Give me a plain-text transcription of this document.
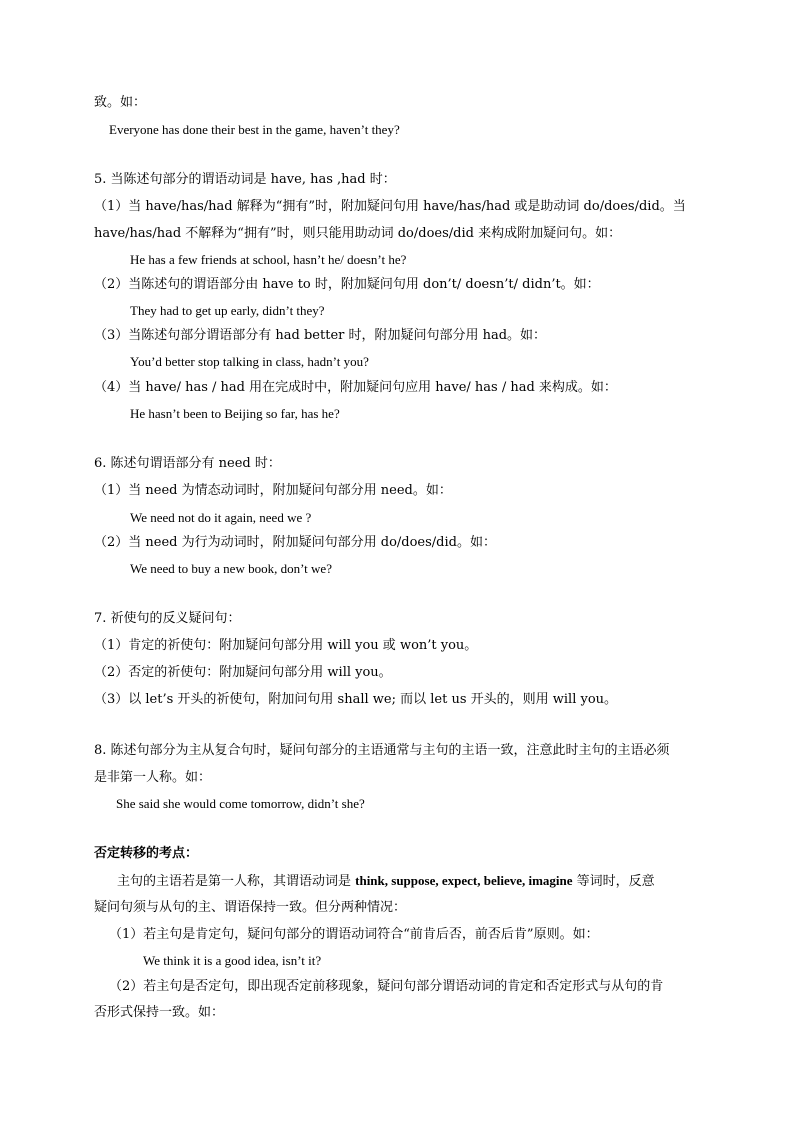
致。如：
Everyone has done their best in the game, haven’t they?
5. 当陈述句部分的谓语动词是 have, has ,had 时：
（1）当 have/has/had 解释为“拥有”时，附加疑问句用 have/has/had 或是助动词 do/does/did。当
have/has/had 不解释为“拥有”时，则只能用助动词 do/does/did 来构成附加疑问句。如：
He has a few friends at school, hasn’t he/ doesn’t he?
（2）当陈述句的谓语部分由 have to 时，附加疑问句用 don’t/ doesn’t/ didn’t。如：
They had to get up early, didn’t they?
（3）当陈述句部分谓语部分有 had better 时，附加疑问句部分用 had。如：
You’d better stop talking in class, hadn’t you?
（4）当 have/ has / had 用在完成时中，附加疑问句应用 have/ has / had 来构成。如：
He hasn’t been to Beijing so far, has he?
6. 陈述句谓语部分有 need 时：
（1）当 need 为情态动词时，附加疑问句部分用 need。如：
We need not do it again, need we ?
（2）当 need 为行为动词时，附加疑问句部分用 do/does/did。如：
We need to buy a new book, don’t we?
7. 祈使句的反义疑问句：
（1）肯定的祈使句：附加疑问句部分用 will you 或 won’t you。
（2）否定的祈使句：附加疑问句部分用 will you。
（3）以 let’s 开头的祈使句，附加问句用 shall we; 而以 let us 开头的，则用 will you。
8. 陈述句部分为主从复合句时，疑问句部分的主语通常与主句的主语一致，注意此时主句的主语必须
是非第一人称。如：
She said she would come tomorrow, didn’t she?
否定转移的考点：
主句的主语若是第一人称，其谓语动词是 think, suppose, expect, believe, imagine 等词时，反意
疑问句须与从句的主、谓语保持一致。但分两种情况：
（1）若主句是肯定句，疑问句部分的谓语动词符合“前肯后否，前否后肯”原则。如：
We think it is a good idea, isn’t it?
（2）若主句是否定句，即出现否定前移现象，疑问句部分谓语动词的肯定和否定形式与从句的肯
否形式保持一致。如：
